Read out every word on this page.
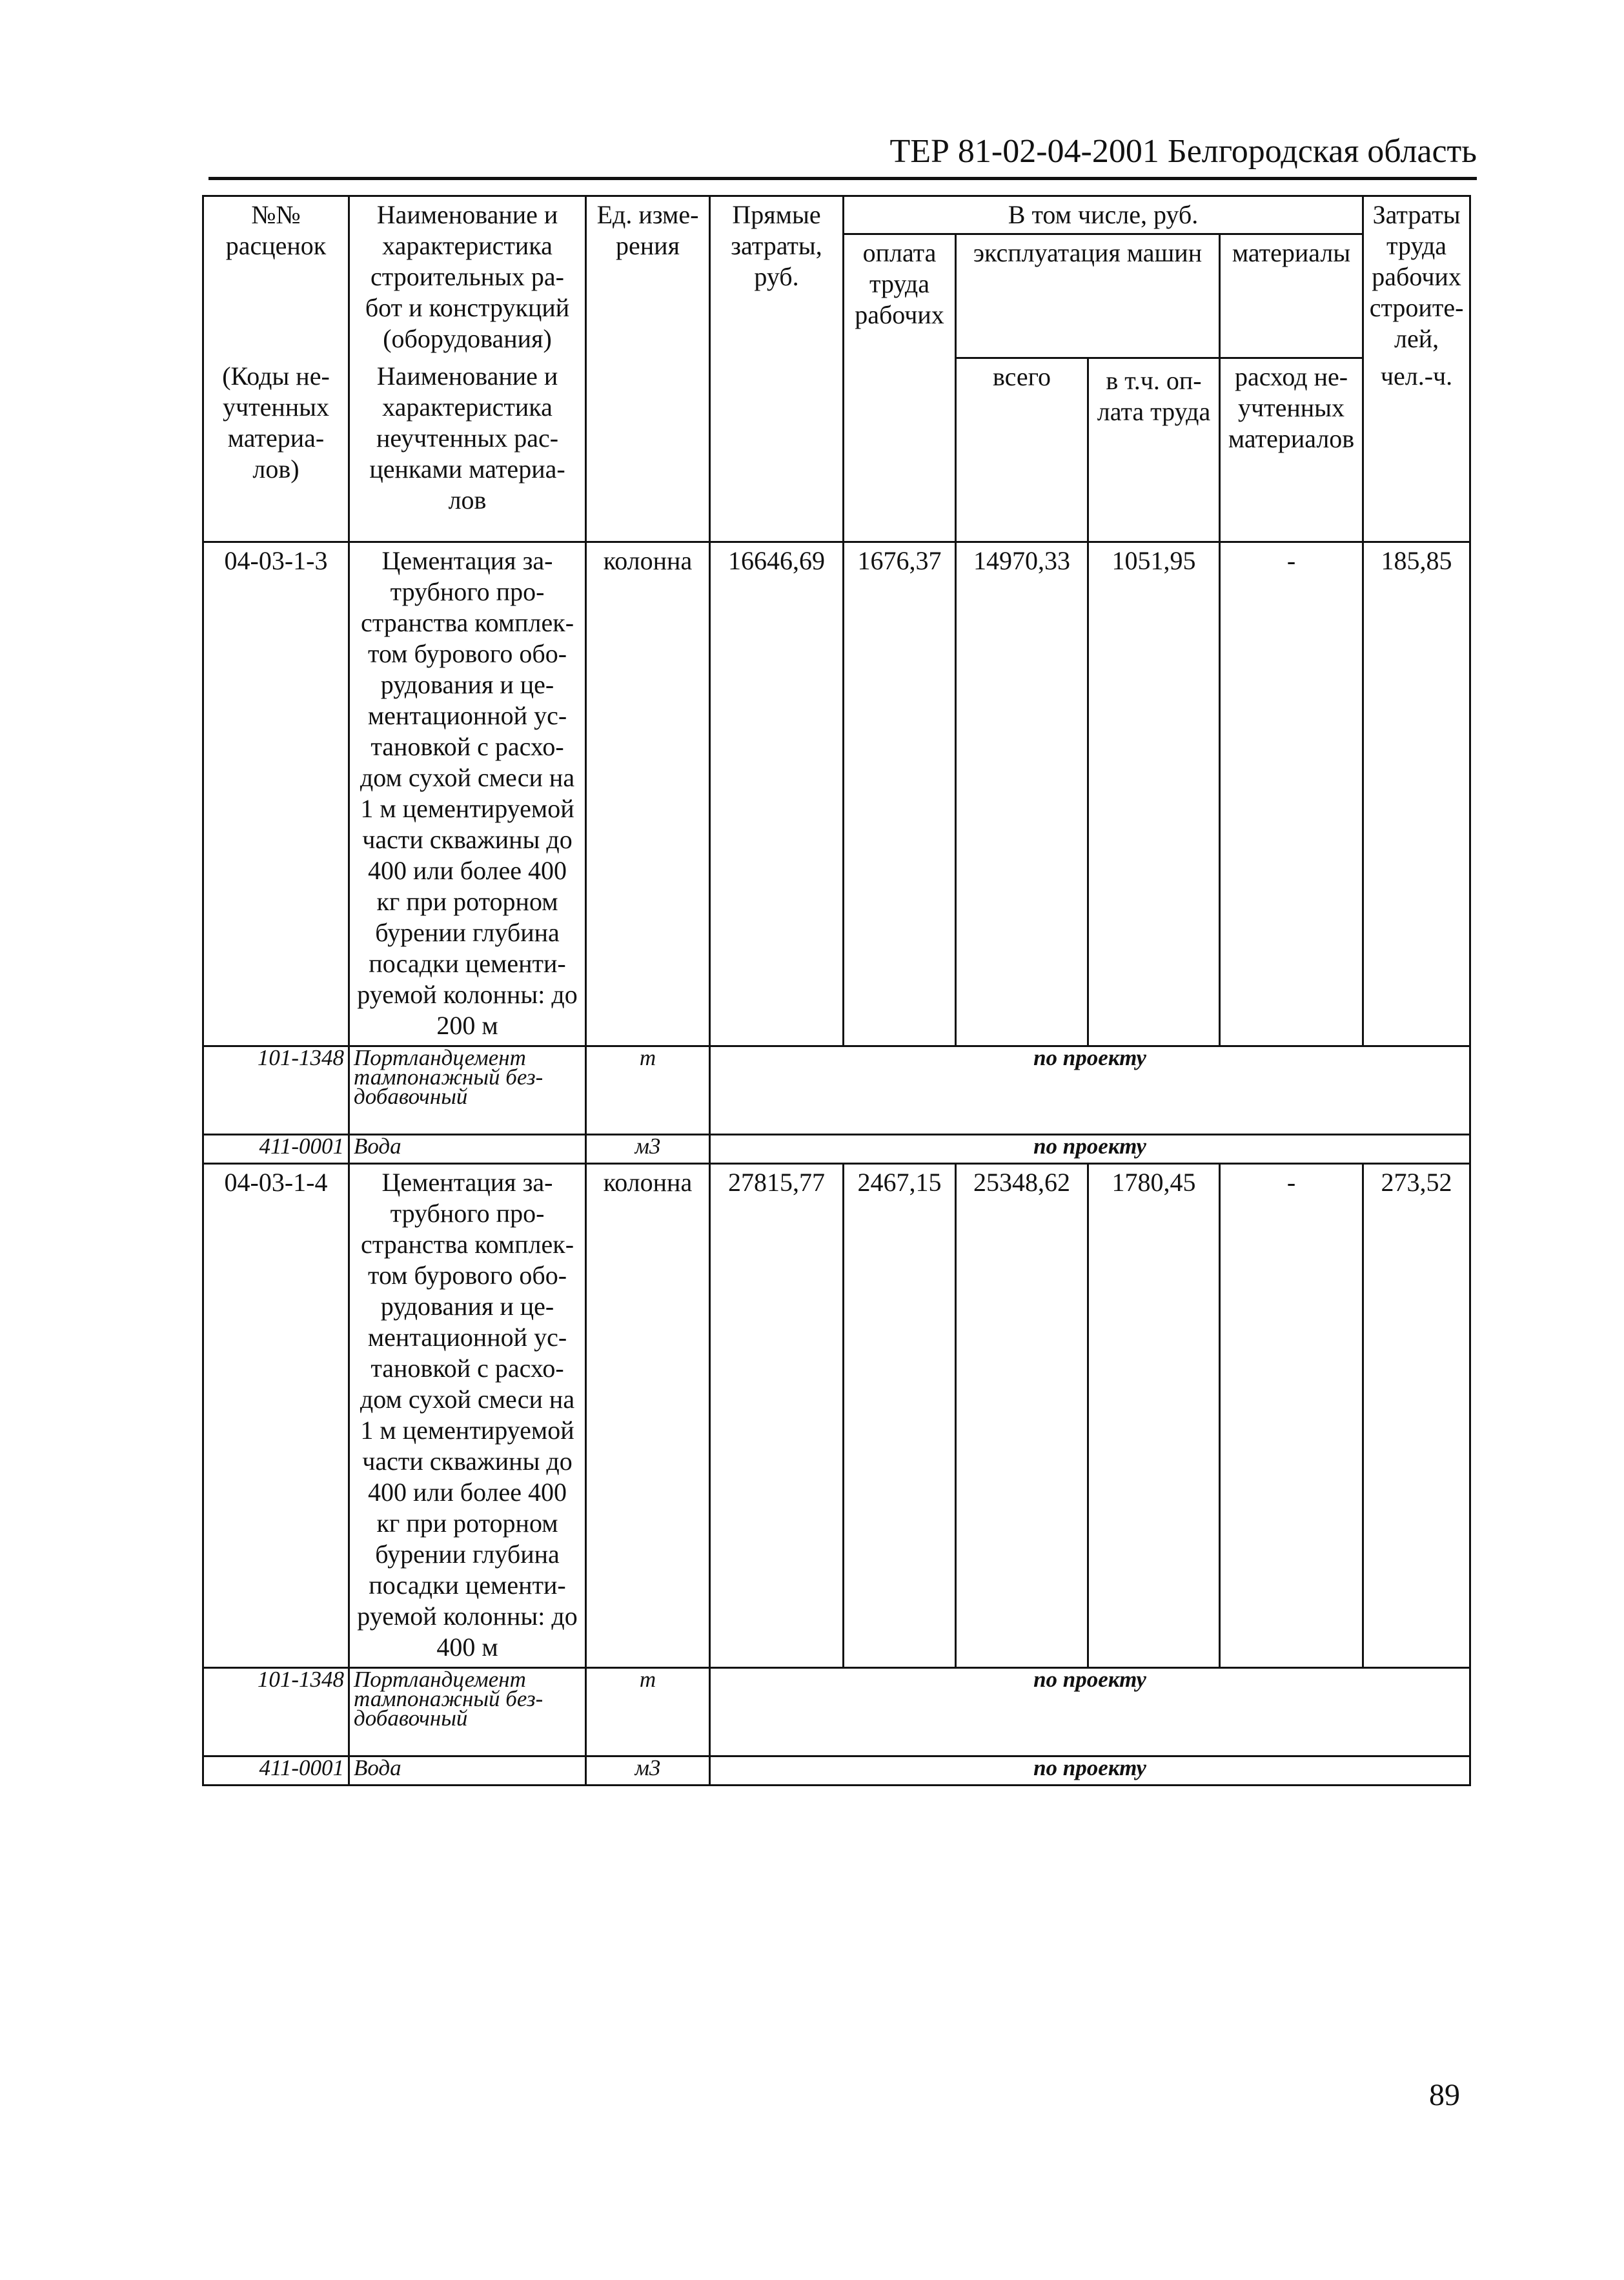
ТЕР 81-02-04-2001 Белгородская область
№№ расценок	Наименование и характеристика строительных ра-бот и конструкций (оборудования)	Ед. изме-рения	Прямые затраты, руб.	В том числе, руб.				Затраты труда рабочих строите-лей,
				оплата труда рабочих	эксплуатация машин		материалы	
					всего	в т.ч. оп-лата труда		
(Коды не-учтенных материа-лов)	Наименование и характеристика неучтенных рас-ценками материа-лов						расход не-учтенных материалов	чел.-ч.
04-03-1-3	Цементация за-трубного про-странства комплек-том бурового обо-рудования и це-ментационной ус-тановкой с расхо-дом сухой смеси на 1 м цементируемой части скважины до 400 или более 400 кг при роторном бурении глубина посадки цементи-руемой колонны: до 200 м	колонна	16646,69	1676,37	14970,33	1051,95	-	185,85
101-1348	Портландцемент тампонажный без-добавочный	т	по проекту					
411-0001	Вода	м3	по проекту					
04-03-1-4	Цементация за-трубного про-странства комплек-том бурового обо-рудования и це-ментационной ус-тановкой с расхо-дом сухой смеси на 1 м цементируемой части скважины до 400 или более 400 кг при роторном бурении глубина посадки цементи-руемой колонны: до 400 м	колонна	27815,77	2467,15	25348,62	1780,45	-	273,52
101-1348	Портландцемент тампонажный без-добавочный	т	по проекту					
411-0001	Вода	м3	по проекту					
89
